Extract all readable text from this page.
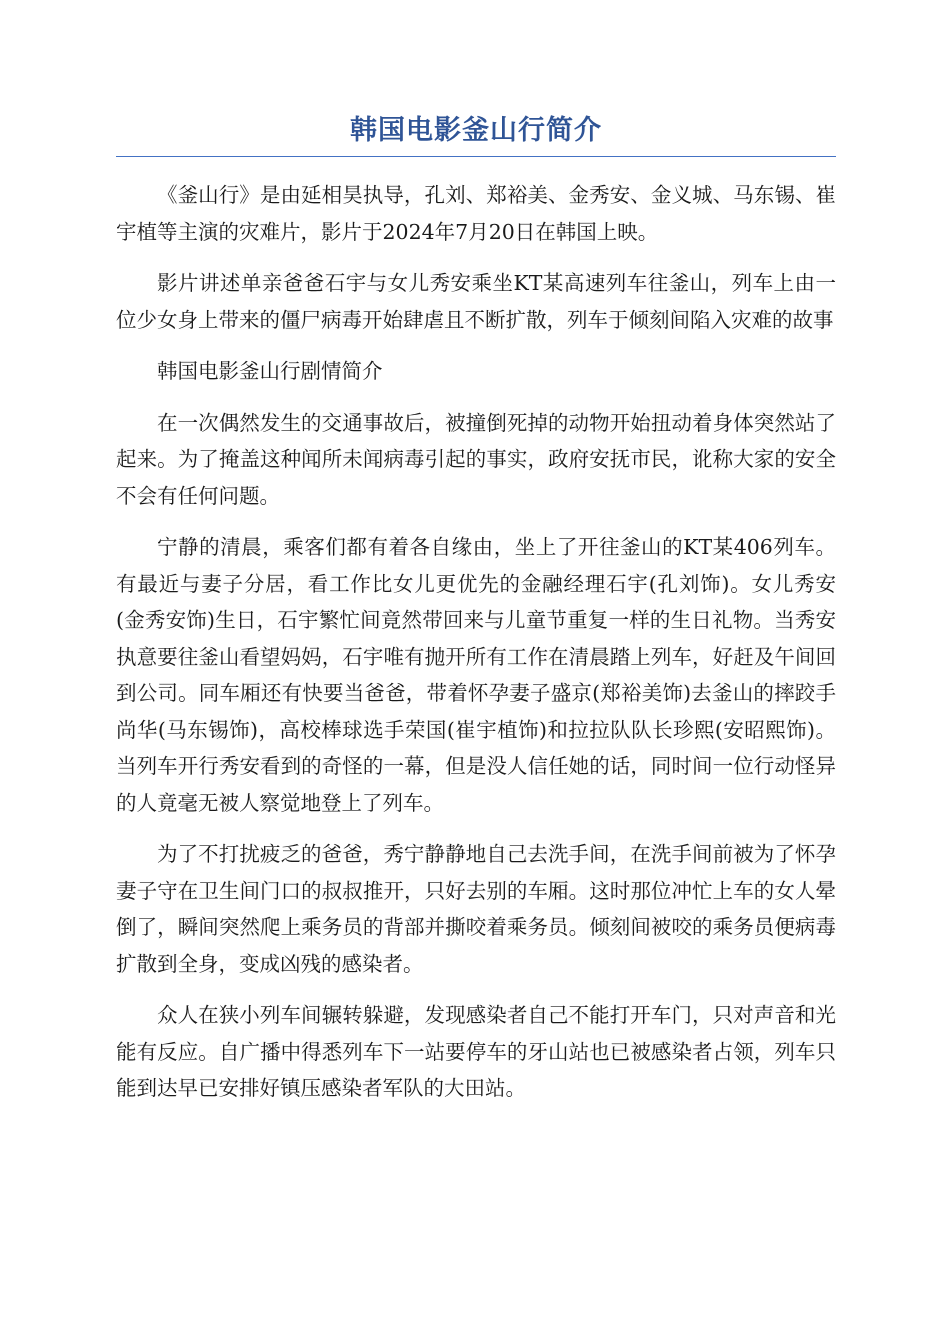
韩国电影釜山行简介

《釜山行》是由延相昊执导，孔刘、郑裕美、金秀安、金义城、马东锡、崔宇植等主演的灾难片，影片于2024年7月20日在韩国上映。

影片讲述单亲爸爸石宇与女儿秀安乘坐KT某高速列车往釜山，列车上由一位少女身上带来的僵尸病毒开始肆虐且不断扩散，列车于倾刻间陷入灾难的故事

韩国电影釜山行剧情简介

在一次偶然发生的交通事故后，被撞倒死掉的动物开始扭动着身体突然站了起来。为了掩盖这种闻所未闻病毒引起的事实，政府安抚市民，讹称大家的安全不会有任何问题。

宁静的清晨，乘客们都有着各自缘由，坐上了开往釜山的KT某406列车。有最近与妻子分居，看工作比女儿更优先的金融经理石宇(孔刘饰)。女儿秀安(金秀安饰)生日，石宇繁忙间竟然带回来与儿童节重复一样的生日礼物。当秀安执意要往釜山看望妈妈，石宇唯有抛开所有工作在清晨踏上列车，好赶及午间回到公司。同车厢还有快要当爸爸，带着怀孕妻子盛京(郑裕美饰)去釜山的摔跤手尚华(马东锡饰)，高校棒球选手荣国(崔宇植饰)和拉拉队队长珍熙(安昭熙饰)。当列车开行秀安看到的奇怪的一幕，但是没人信任她的话，同时间一位行动怪异的人竟毫无被人察觉地登上了列车。

为了不打扰疲乏的爸爸，秀宁静静地自己去洗手间，在洗手间前被为了怀孕妻子守在卫生间门口的叔叔推开，只好去别的车厢。这时那位冲忙上车的女人晕倒了，瞬间突然爬上乘务员的背部并撕咬着乘务员。倾刻间被咬的乘务员便病毒扩散到全身，变成凶残的感染者。

众人在狭小列车间辗转躲避，发现感染者自己不能打开车门，只对声音和光能有反应。自广播中得悉列车下一站要停车的牙山站也已被感染者占领，列车只能到达早已安排好镇压感染者军队的大田站。
